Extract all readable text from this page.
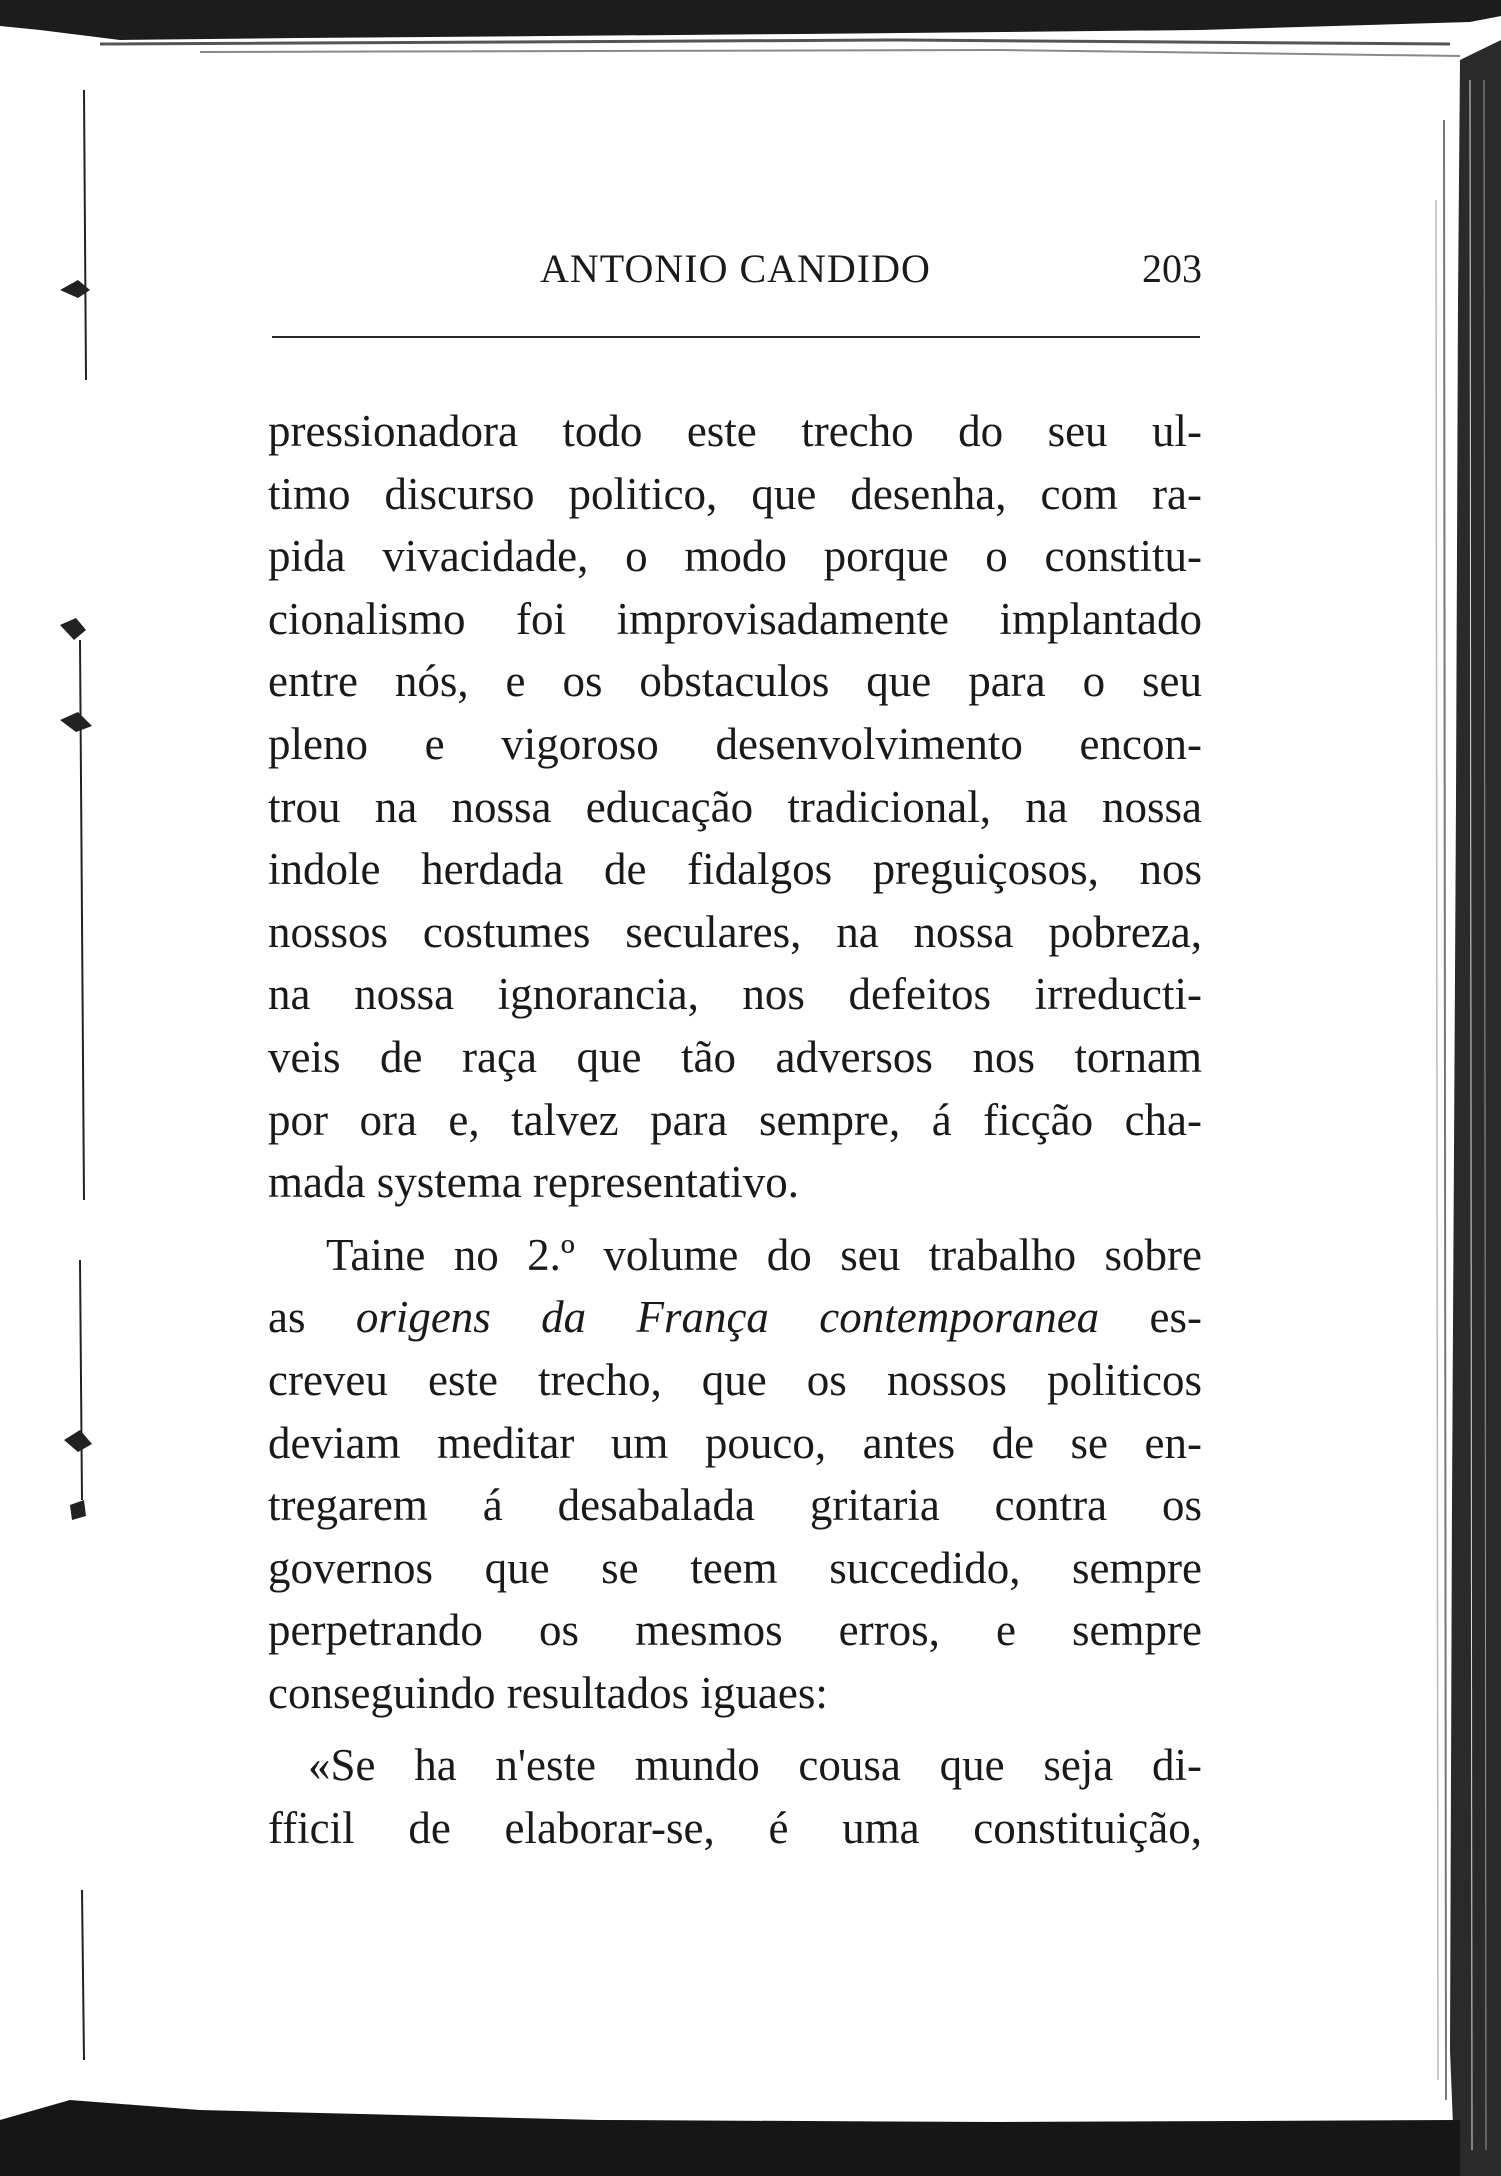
ANTONIO CANDIDO	203
pressionadora todo este trecho do seu ul-
timo discurso politico, que desenha, com ra-
pida vivacidade, o modo porque o constitu-
cionalismo foi improvisadamente implantado
entre nós, e os obstaculos que para o seu
pleno e vigoroso desenvolvimento encon-
trou na nossa educação tradicional, na nossa
indole herdada de fidalgos preguiçosos, nos
nossos costumes seculares, na nossa pobreza,
na nossa ignorancia, nos defeitos irreducti-
veis de raça que tão adversos nos tornam
por ora e, talvez para sempre, á ficção cha-
mada systema representativo.
Taine no 2.º volume do seu trabalho sobre
as origens da França contemporanea es-
creveu este trecho, que os nossos politicos
deviam meditar um pouco, antes de se en-
tregarem á desabalada gritaria contra os
governos que se teem succedido, sempre
perpetrando os mesmos erros, e sempre
conseguindo resultados iguaes:
«Se ha n'este mundo cousa que seja di-
fficil de elaborar-se, é uma constituição,
